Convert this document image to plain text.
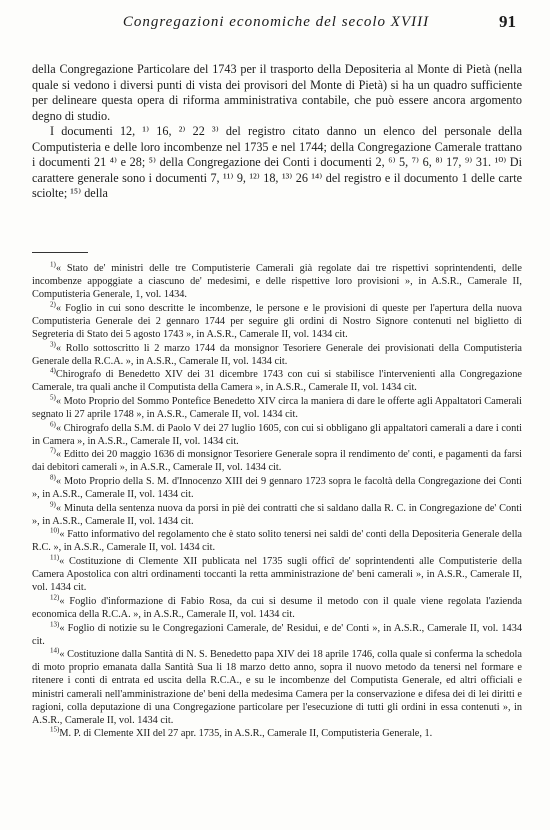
Congregazioni economiche del secolo XVIII	91

della Congregazione Particolare del 1743 per il trasporto della Depositeria al Monte di Pietà (nella quale si vedono i diversi punti di vista dei provisori del Monte di Pietà) si ha un quadro sufficiente per delineare questa opera di riforma amministrativa contabile, che può essere ancora argomento degno di studio.

I documenti 12, ¹⁾ 16, ²⁾ 22 ³⁾ del registro citato danno un elenco del personale della Computisteria e delle loro incombenze nel 1735 e nel 1744; della Congregazione Camerale trattano i documenti 21 ⁴⁾ e 28; ⁵⁾ della Congregazione dei Conti i documenti 2, ⁶⁾ 5, ⁷⁾ 6, ⁸⁾ 17, ⁹⁾ 31. ¹⁰⁾ Di carattere generale sono i documenti 7, ¹¹⁾ 9, ¹²⁾ 18, ¹³⁾ 26 ¹⁴⁾ del registro e il documento 1 delle carte sciolte; ¹⁵⁾ della

$^{1)}$« Stato de' ministri delle tre Computisterie Camerali già regolate dai tre rispettivi soprintendenti, delle incombenze appoggiate a ciascuno de' medesimi, e delle rispettive loro provisioni », in A.S.R., Camerale II, Computisteria Generale, 1, vol. 1434.

$^{2)}$« Foglio in cui sono descritte le incombenze, le persone e le provisioni di queste per l'apertura della nuova Computisteria Generale dei 2 gennaro 1744 per seguire gli ordini di Nostro Signore contenuti nel biglietto di Segreteria di Stato dei 5 agosto 1743 », in A.S.R., Camerale II, vol. 1434 cit.

$^{3)}$« Rollo sottoscritto li 2 marzo 1744 da monsignor Tesoriere Generale dei provisionati della Computisteria Generale della R.C.A. », in A.S.R., Camerale II, vol. 1434 cit.

$^{4)}$Chirografo di Benedetto XIV dei 31 dicembre 1743 con cui si stabilisce l'intervenienti alla Congregazione Camerale, tra quali anche il Computista della Camera », in A.S.R., Camerale II, vol. 1434 cit.

$^{5)}$« Moto Proprio del Sommo Pontefice Benedetto XIV circa la maniera di dare le offerte agli Appaltatori Camerali segnato li 27 aprile 1748 », in A.S.R., Camerale II, vol. 1434 cit.

$^{6)}$« Chirografo della S.M. di Paolo V dei 27 luglio 1605, con cui si obbligano gli appaltatori camerali a dare i conti in Camera », in A.S.R., Camerale II, vol. 1434 cit.

$^{7)}$« Editto dei 20 maggio 1636 di monsignor Tesoriere Generale sopra il rendimento de' conti, e pagamenti da farsi dai debitori camerali », in A.S.R., Camerale II, vol. 1434 cit.

$^{8)}$« Moto Proprio della S. M. d'Innocenzo XIII dei 9 gennaro 1723 sopra le facoltà della Congregazione dei Conti », in A.S.R., Camerale II, vol. 1434 cit.

$^{9)}$« Minuta della sentenza nuova da porsi in piè dei contratti che si saldano dalla R. C. in Congregazione de' Conti », in A.S.R., Camerale II, vol. 1434 cit.

$^{10)}$« Fatto informativo del regolamento che è stato solito tenersi nei saldi de' conti della Depositeria Generale della R.C. », in A.S.R., Camerale II, vol. 1434 cit.

$^{11)}$« Costituzione di Clemente XII publicata nel 1735 sugli officî de' soprintendenti alle Computisterie della Camera Apostolica con altri ordinamenti toccanti la retta amministrazione de' beni camerali », in A.S.R., Camerale II, vol. 1434 cit.

$^{12)}$« Foglio d'informazione di Fabio Rosa, da cui si desume il metodo con il quale viene regolata l'azienda economica della R.C.A. », in A.S.R., Camerale II, vol. 1434 cit.

$^{13)}$« Foglio di notizie su le Congregazioni Camerale, de' Residui, e de' Conti », in A.S.R., Camerale II, vol. 1434 cit.

$^{14)}$« Costituzione dalla Santità di N. S. Benedetto papa XIV dei 18 aprile 1746, colla quale si conferma la schedola di moto proprio emanata dalla Santità Sua li 18 marzo detto anno, sopra il nuovo metodo da tenersi nel formare e ritenere i conti di entrata ed uscita della R.C.A., e su le incombenze del Computista Generale, ed altri officiali e ministri camerali nell'amministrazione de' beni della medesima Camera per la conservazione e difesa dei di lei diritti e ragioni, colla deputazione di una Congregazione particolare per l'esecuzione di tutti gli ordini in essa contenuti », in A.S.R., Camerale II, vol. 1434 cit.

$^{15)}$M. P. di Clemente XII del 27 apr. 1735, in A.S.R., Camerale II, Computisteria Generale, 1.
